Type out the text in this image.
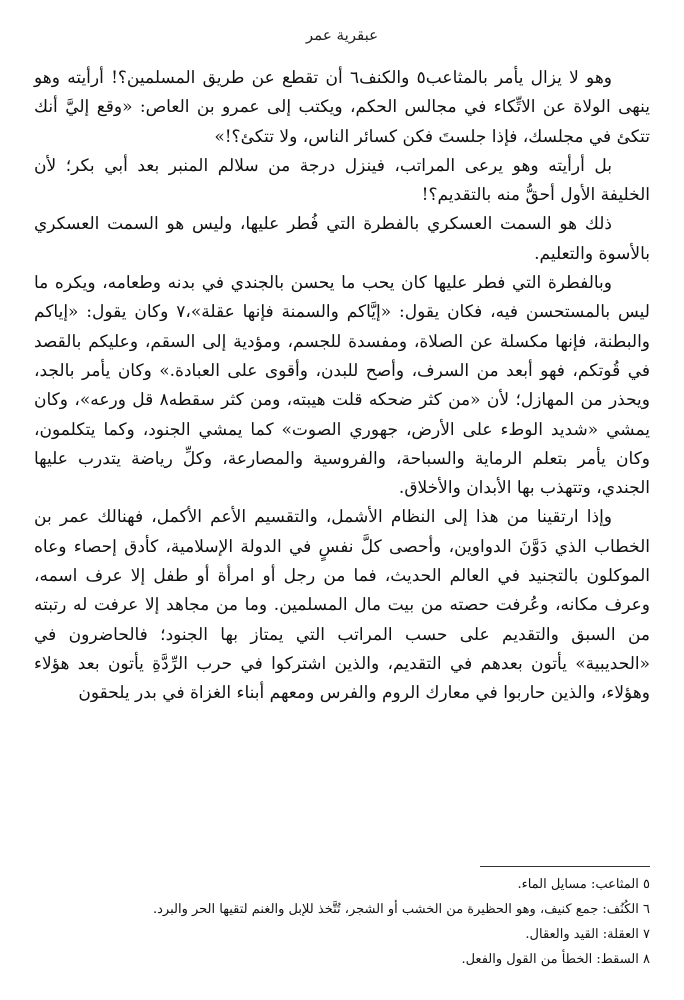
عبقرية عمر

وهو لا يزال يأمر بالمثاعب٥ والكنف٦ أن تقطع عن طريق المسلمين؟! أرأيته وهو ينهى الولاة عن الاتِّكاء في مجالس الحكم، ويكتب إلى عمرو بن العاص: «وقع إليَّ أنك تتكئ في مجلسك، فإذا جلستَ فكن كسائر الناس، ولا تتكئ؟!»

بل أرأيته وهو يرعى المراتب، فينزل درجة من سلالم المنبر بعد أبي بكر؛ لأن الخليفة الأول أحقُّ منه بالتقديم؟!

ذلك هو السمت العسكري بالفطرة التي فُطر عليها، وليس هو السمت العسكري بالأسوة والتعليم.

وبالفطرة التي فطر عليها كان يحب ما يحسن بالجندي في بدنه وطعامه، ويكره ما ليس بالمستحسن فيه، فكان يقول: «إيَّاكم والسمنة فإنها عقلة»،٧ وكان يقول: «إياكم والبطنة، فإنها مكسلة عن الصلاة، ومفسدة للجسم، ومؤدية إلى السقم، وعليكم بالقصد في قُوتكم، فهو أبعد من السرف، وأصح للبدن، وأقوى على العبادة.» وكان يأمر بالجد، ويحذر من المهازل؛ لأن «من كثر ضحكه قلت هيبته، ومن كثر سقطه٨ قل ورعه»، وكان يمشي «شديد الوطء على الأرض، جهوري الصوت» كما يمشي الجنود، وكما يتكلمون، وكان يأمر بتعلم الرماية والسباحة، والفروسية والمصارعة، وكلِّ رياضة يتدرب عليها الجندي، وتتهذب بها الأبدان والأخلاق.

وإذا ارتقينا من هذا إلى النظام الأشمل، والتقسيم الأعم الأكمل، فهنالك عمر بن الخطاب الذي دَوَّنَ الدواوين، وأحصى كلَّ نفسٍ في الدولة الإسلامية، كأدق إحصاء وعاه الموكلون بالتجنيد في العالم الحديث، فما من رجل أو امرأة أو طفل إلا عرف اسمه، وعرف مكانه، وعُرفت حصته من بيت مال المسلمين. وما من مجاهد إلا عرفت له رتبته من السبق والتقديم على حسب المراتب التي يمتاز بها الجنود؛ فالحاضرون في «الحديبية» يأتون بعدهم في التقديم، والذين اشتركوا في حرب الرِّدَّةِ يأتون بعد هؤلاء وهؤلاء، والذين حاربوا في معارك الروم والفرس ومعهم أبناء الغزاة في بدر يلحقون

٥ المثاعب: مسايل الماء.

٦ الكُنُف: جمع كنيف، وهو الحظيرة من الخشب أو الشجر، تُتَّخذ للإبل والغنم لتقيها الحر والبرد.

٧ العقلة: القيد والعقال.

٨ السقط: الخطأ من القول والفعل.
